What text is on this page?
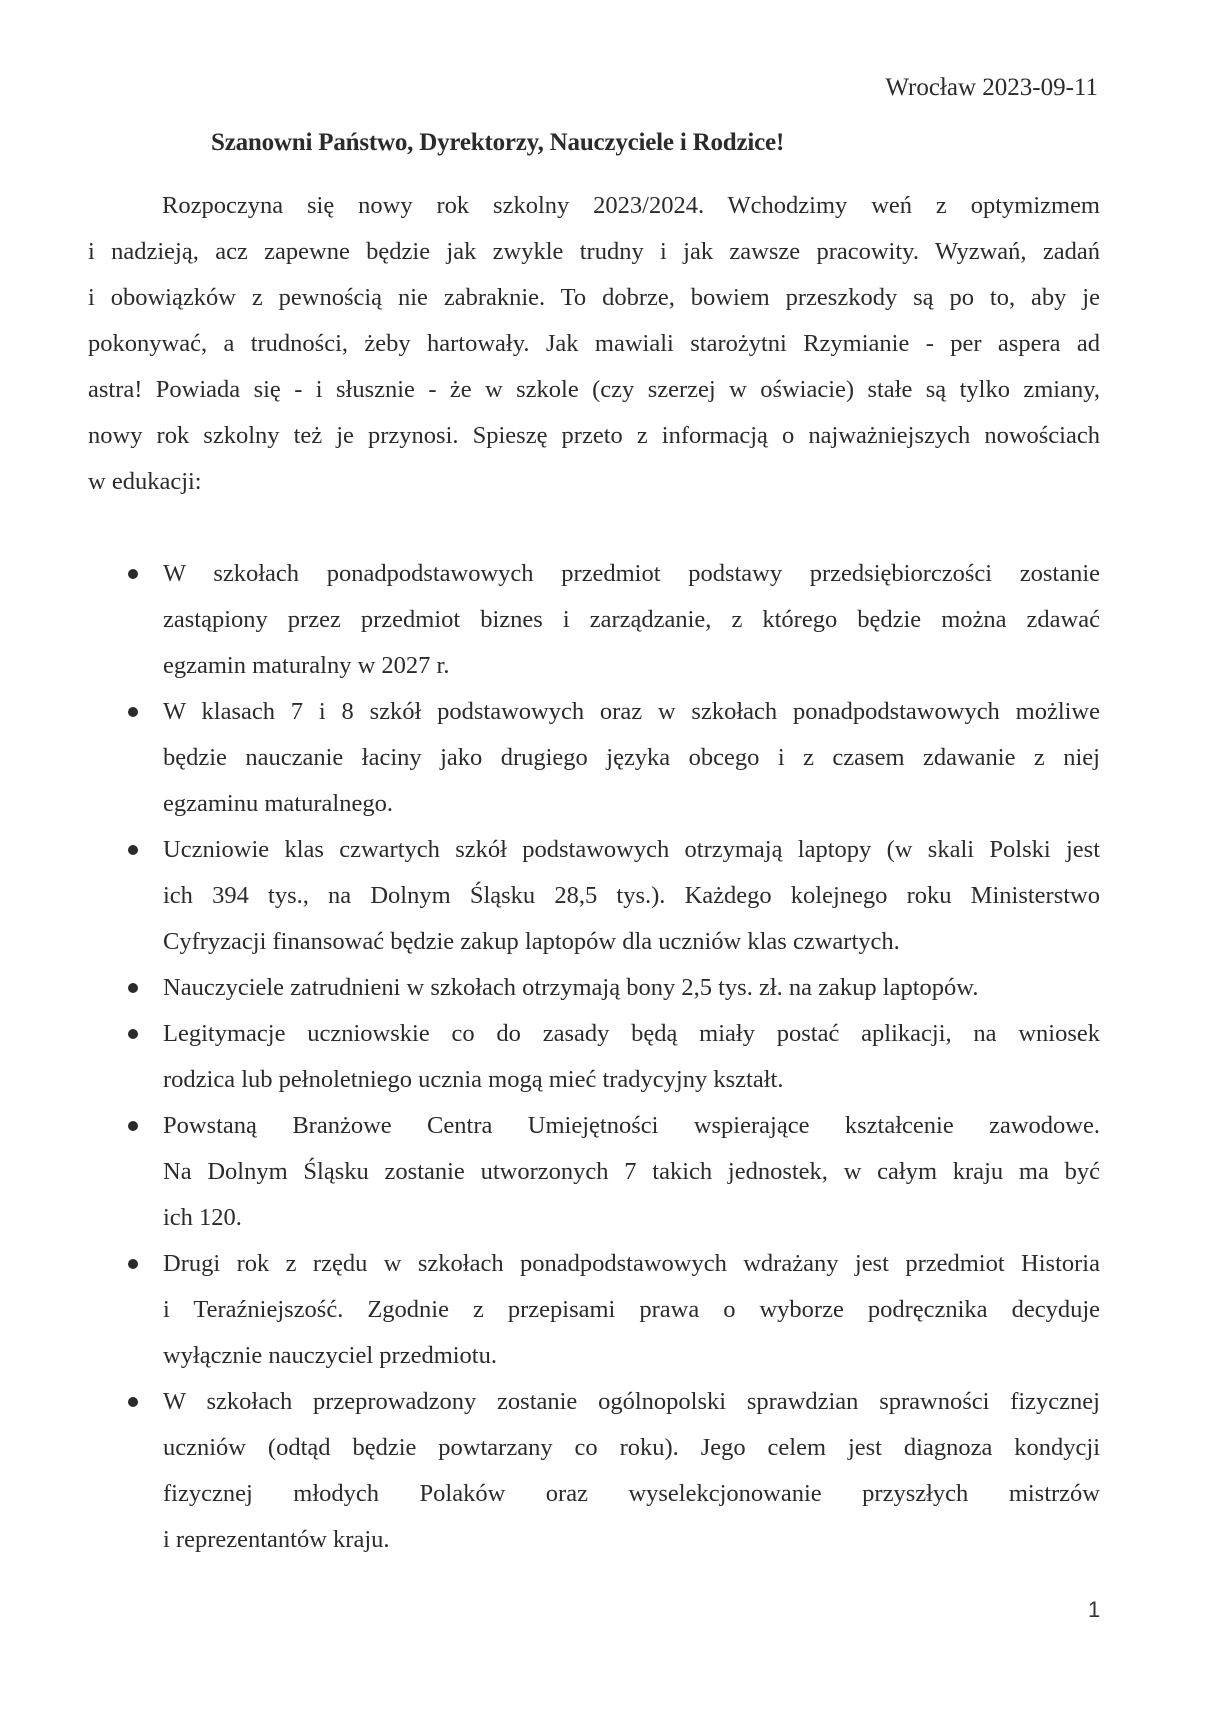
Wrocław 2023-09-11
Szanowni Państwo, Dyrektorzy, Nauczyciele i Rodzice!
Rozpoczyna się nowy rok szkolny 2023/2024. Wchodzimy weń z optymizmem
i nadzieją, acz zapewne będzie jak zwykle trudny i jak zawsze pracowity. Wyzwań, zadań
i obowiązków z pewnością nie zabraknie. To dobrze, bowiem przeszkody są po to, aby je
pokonywać, a trudności, żeby hartowały. Jak mawiali starożytni Rzymianie - per aspera ad
astra! Powiada się - i słusznie - że w szkole (czy szerzej w oświacie) stałe są tylko zmiany,
nowy rok szkolny też je przynosi. Spieszę przeto z informacją o najważniejszych nowościach
w edukacji:
W szkołach ponadpodstawowych przedmiot podstawy przedsiębiorczości zostanie
zastąpiony przez przedmiot biznes i zarządzanie, z którego będzie można zdawać
egzamin maturalny w 2027 r.
W klasach 7 i 8 szkół podstawowych oraz w szkołach ponadpodstawowych możliwe
będzie nauczanie łaciny jako drugiego języka obcego i z czasem zdawanie z niej
egzaminu maturalnego.
Uczniowie klas czwartych szkół podstawowych otrzymają laptopy (w skali Polski jest
ich 394 tys., na Dolnym Śląsku 28,5 tys.). Każdego kolejnego roku Ministerstwo
Cyfryzacji finansować będzie zakup laptopów dla uczniów klas czwartych.
Nauczyciele zatrudnieni w szkołach otrzymają bony 2,5 tys. zł. na zakup laptopów.
Legitymacje uczniowskie co do zasady będą miały postać aplikacji, na wniosek
rodzica lub pełnoletniego ucznia mogą mieć tradycyjny kształt.
Powstaną Branżowe Centra Umiejętności wspierające kształcenie zawodowe.
Na Dolnym Śląsku zostanie utworzonych 7 takich jednostek, w całym kraju ma być
ich 120.
Drugi rok z rzędu w szkołach ponadpodstawowych wdrażany jest przedmiot Historia
i Teraźniejszość. Zgodnie z przepisami prawa o wyborze podręcznika decyduje
wyłącznie nauczyciel przedmiotu.
W szkołach przeprowadzony zostanie ogólnopolski sprawdzian sprawności fizycznej
uczniów (odtąd będzie powtarzany co roku). Jego celem jest diagnoza kondycji
fizycznej młodych Polaków oraz wyselekcjonowanie przyszłych mistrzów
i reprezentantów kraju.
1
